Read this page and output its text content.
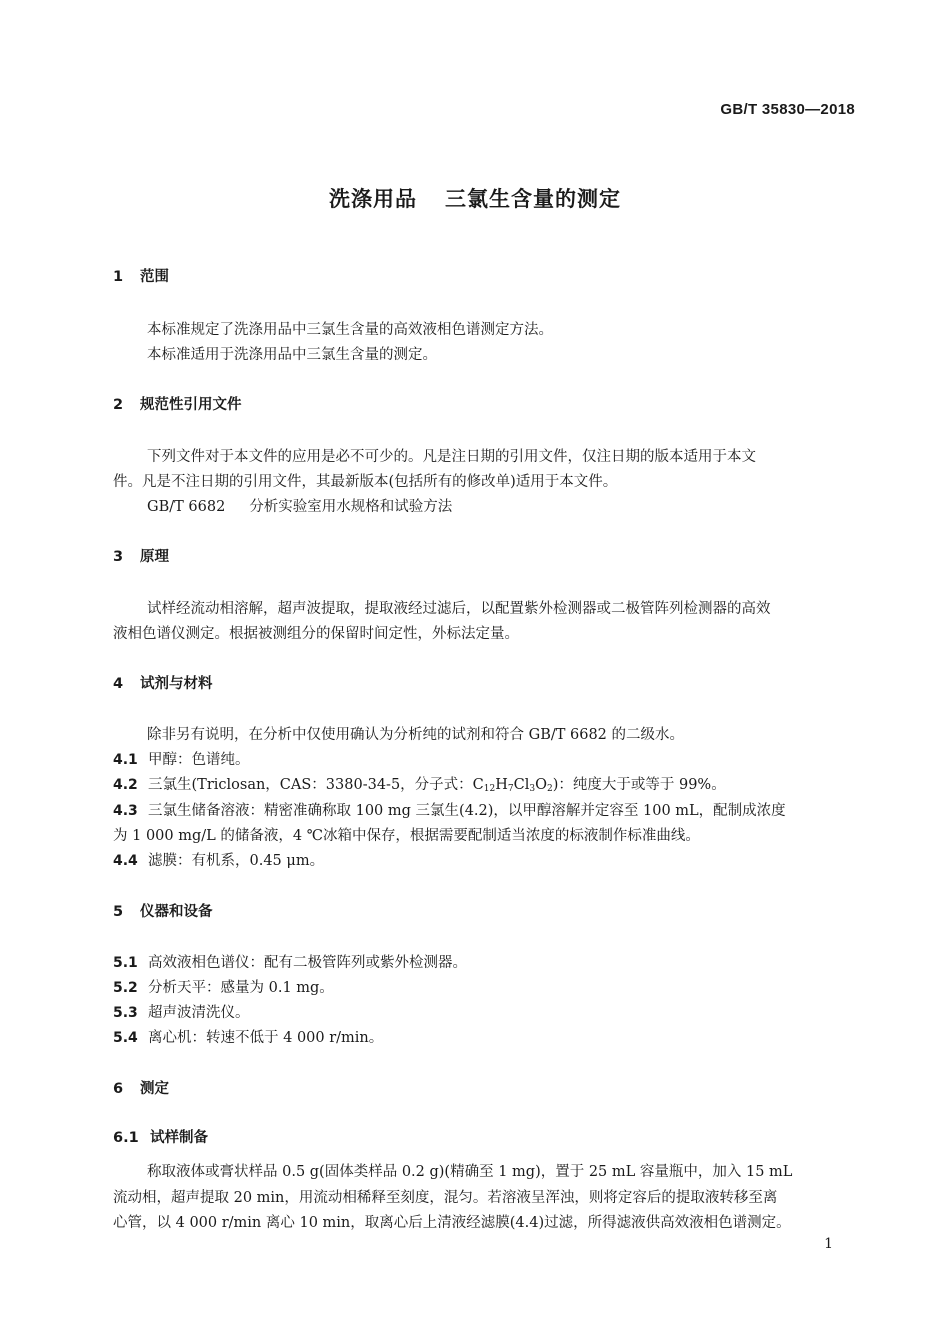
GB/T 35830—2018
洗涤用品 三氯生含量的测定
1 范围
本标准规定了洗涤用品中三氯生含量的高效液相色谱测定方法。
本标准适用于洗涤用品中三氯生含量的测定。
2 规范性引用文件
下列文件对于本文件的应用是必不可少的。凡是注日期的引用文件，仅注日期的版本适用于本文
件。凡是不注日期的引用文件，其最新版本(包括所有的修改单)适用于本文件。
GB/T 6682 分析实验室用水规格和试验方法
3 原理
试样经流动相溶解，超声波提取，提取液经过滤后，以配置紫外检测器或二极管阵列检测器的高效
液相色谱仪测定。根据被测组分的保留时间定性，外标法定量。
4 试剂与材料
除非另有说明，在分析中仅使用确认为分析纯的试剂和符合 GB/T 6682 的二级水。
4.1 甲醇：色谱纯。
4.2 三氯生(Triclosan，CAS：3380-34-5，分子式：$C_{12}H_7Cl_3O_2$)：纯度大于或等于 99%。
4.3 三氯生储备溶液：精密准确称取 100 mg 三氯生(4.2)，以甲醇溶解并定容至 100 mL，配制成浓度
为 1 000 mg/L 的储备液，4 ℃冰箱中保存，根据需要配制适当浓度的标液制作标准曲线。
4.4 滤膜：有机系，0.45 μm。
5 仪器和设备
5.1 高效液相色谱仪：配有二极管阵列或紫外检测器。
5.2 分析天平：感量为 0.1 mg。
5.3 超声波清洗仪。
5.4 离心机：转速不低于 4 000 r/min。
6 测定
6.1 试样制备
称取液体或膏状样品 0.5 g(固体类样品 0.2 g)(精确至 1 mg)，置于 25 mL 容量瓶中，加入 15 mL
流动相，超声提取 20 min，用流动相稀释至刻度，混匀。若溶液呈浑浊，则将定容后的提取液转移至离
心管，以 4 000 r/min 离心 10 min，取离心后上清液经滤膜(4.4)过滤，所得滤液供高效液相色谱测定。
1
